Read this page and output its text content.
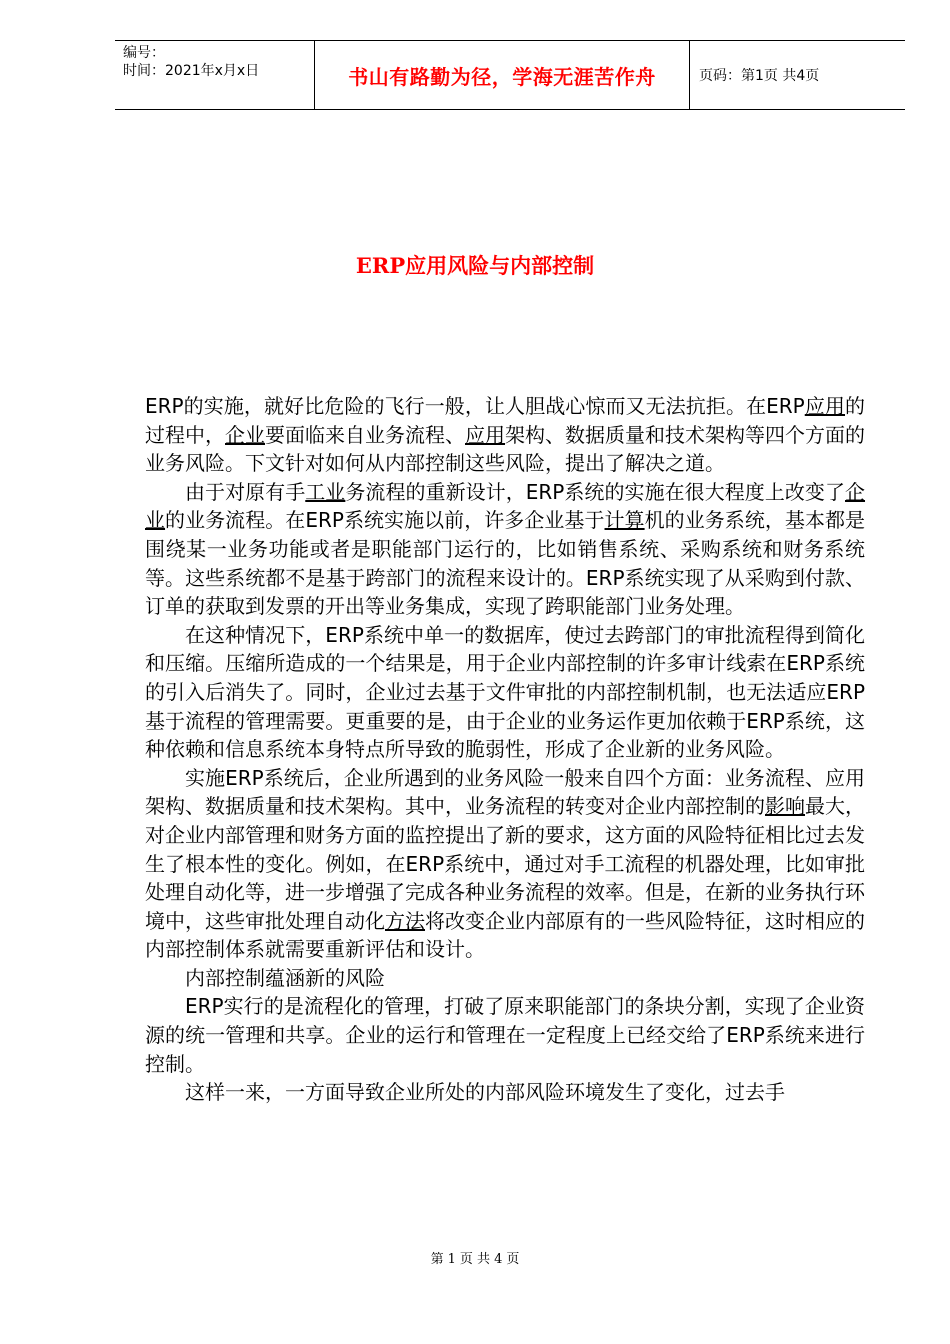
编号：
时间：2021年x月x日	书山有路勤为径，学海无涯苦作舟	页码：第1页 共4页
ERP应用风险与内部控制

ERP的实施，就好比危险的飞行一般，让人胆战心惊而又无法抗拒。在ERP应用的过程中，企业要面临来自业务流程、应用架构、数据质量和技术架构等四个方面的业务风险。下文针对如何从内部控制这些风险，提出了解决之道。

由于对原有手工业务流程的重新设计，ERP系统的实施在很大程度上改变了企业的业务流程。在ERP系统实施以前，许多企业基于计算机的业务系统，基本都是围绕某一业务功能或者是职能部门运行的，比如销售系统、采购系统和财务系统等。这些系统都不是基于跨部门的流程来设计的。ERP系统实现了从采购到付款、订单的获取到发票的开出等业务集成，实现了跨职能部门业务处理。

在这种情况下，ERP系统中单一的数据库，使过去跨部门的审批流程得到简化和压缩。压缩所造成的一个结果是，用于企业内部控制的许多审计线索在ERP系统的引入后消失了。同时，企业过去基于文件审批的内部控制机制，也无法适应ERP基于流程的管理需要。更重要的是，由于企业的业务运作更加依赖于ERP系统，这种依赖和信息系统本身特点所导致的脆弱性，形成了企业新的业务风险。

实施ERP系统后，企业所遇到的业务风险一般来自四个方面：业务流程、应用架构、数据质量和技术架构。其中，业务流程的转变对企业内部控制的影响最大，对企业内部管理和财务方面的监控提出了新的要求，这方面的风险特征相比过去发生了根本性的变化。例如，在ERP系统中，通过对手工流程的机器处理，比如审批处理自动化等，进一步增强了完成各种业务流程的效率。但是，在新的业务执行环境中，这些审批处理自动化方法将改变企业内部原有的一些风险特征，这时相应的内部控制体系就需要重新评估和设计。

内部控制蕴涵新的风险

ERP实行的是流程化的管理，打破了原来职能部门的条块分割，实现了企业资源的统一管理和共享。企业的运行和管理在一定程度上已经交给了ERP系统来进行控制。

这样一来，一方面导致企业所处的内部风险环境发生了变化，过去手

第 1 页 共 4 页
